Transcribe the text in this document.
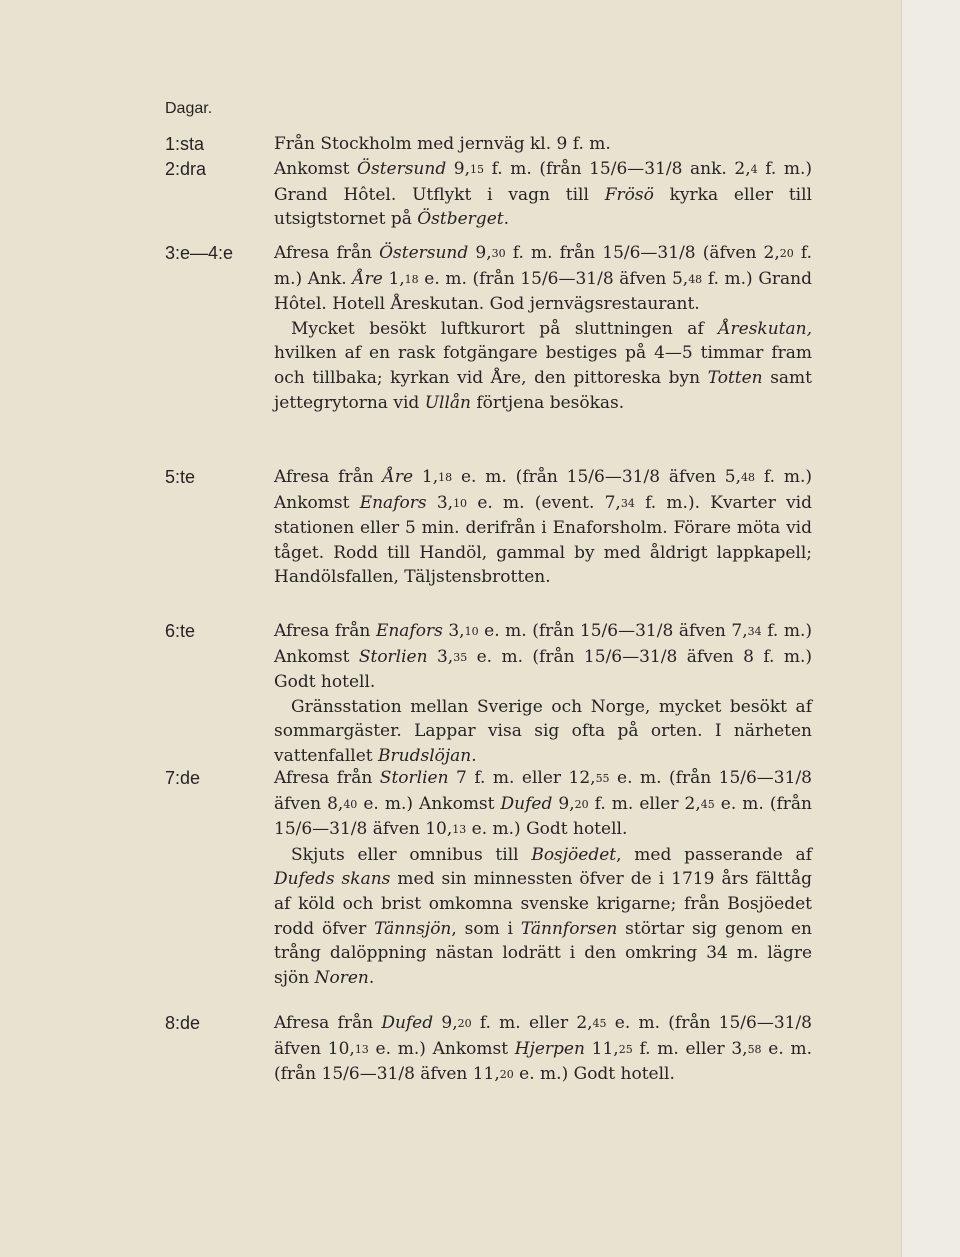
Dagar.
1:sta	Från Stockholm med jernväg kl. 9 f. m.

2:dra	Ankomst Östersund 9,15 f. m. (från 15/6—31/8 ank. 2,4 f. m.) Grand Hôtel. Utflykt i vagn till Frösö kyrka eller till utsigtstornet på Östberget.

3:e—4:e Afresa från Östersund 9,30 f. m. från 15/6—31/8 (äfven 2,20 f. m.) Ank. Åre 1,18 e. m. (från 15/6—31/8 äfven 5,48 f. m.) Grand Hôtel. Hotell Åreskutan. God jernvägsrestaurant.

Mycket besökt luftkurort på sluttningen af Åreskutan, hvilken af en rask fotgängare bestiges på 4—5 timmar fram och tillbaka; kyrkan vid Åre, den pittoreska byn Totten samt jettegrytorna vid Ullån förtjena besökas.

5:te	Afresa från Åre 1,18 e. m. (från 15/6—31/8 äfven 5,48 f. m.) Ankomst Enafors 3,10 e. m. (event. 7,34 f. m.). Kvarter vid stationen eller 5 min. derifrån i Enaforsholm. Förare möta vid tåget. Rodd till Handöl, gammal by med åldrigt lappkapell; Handölsfallen, Täljstensbrotten.

6:te	Afresa från Enafors 3,10 e. m. (från 15/6—31/8 äfven 7,34 f. m.) Ankomst Storlien 3,35 e. m. (från 15/6—31/8 äfven 8 f. m.) Godt hotell.

Gränsstation mellan Sverige och Norge, mycket besökt af sommargäster. Lappar visa sig ofta på orten. I närheten vattenfallet Brudslöjan.

7:de	Afresa från Storlien 7 f. m. eller 12,55 e. m. (från 15/6—31/8 äfven 8,40 e. m.) Ankomst Dufed 9,20 f. m. eller 2,45 e. m. (från 15/6—31/8 äfven 10,13 e. m.) Godt hotell.

Skjuts eller omnibus till Bosjöedet, med passerande af Dufeds skans med sin minnessten öfver de i 1719 års fälttåg af köld och brist omkomna svenske krigarne; från Bosjöedet rodd öfver Tännsjön, som i Tännforsen störtar sig genom en trång dalöppning nästan lodrätt i den omkring 34 m. lägre sjön Noren.

8:de	Afresa från Dufed 9,20 f. m. eller 2,45 e. m. (från 15/6—31/8 äfven 10,13 e. m.) Ankomst Hjerpen 11,25 f. m. eller 3,58 e. m. (från 15/6—31/8 äfven 11,20 e. m.) Godt hotell.
